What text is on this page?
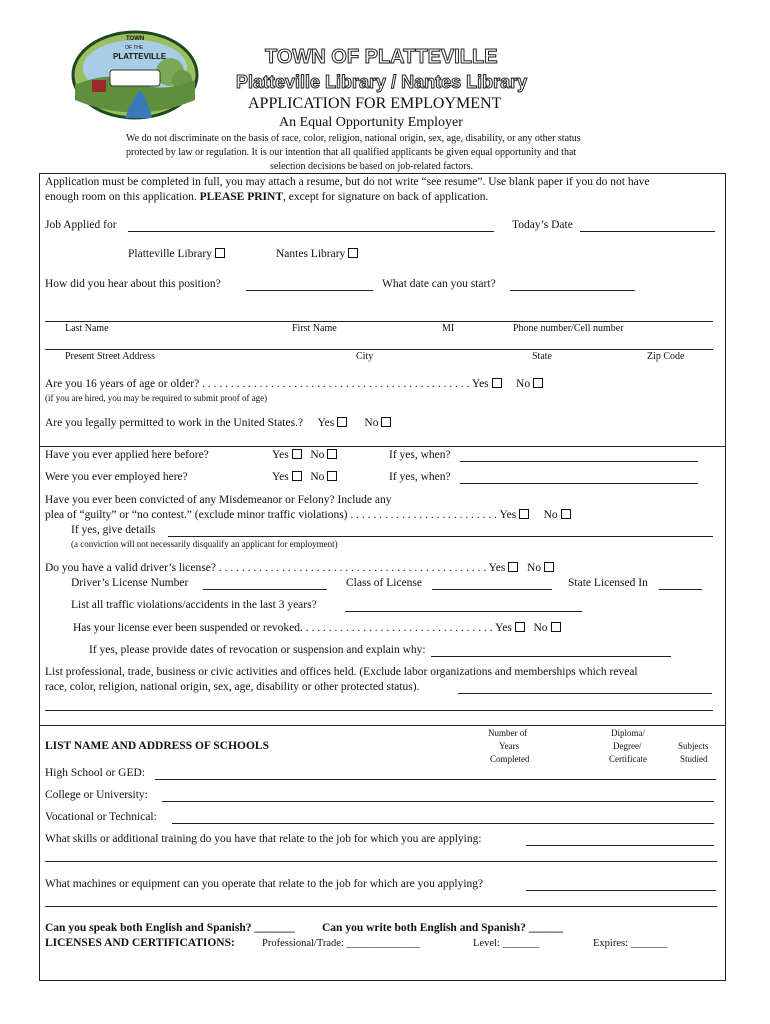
TOWN
OF THE
PLATTEVILLE	TOWN OF PLATTEVILLE
Platteville Library / Nantes Library
APPLICATION FOR EMPLOYMENT
An Equal Opportunity Employer
We do not discriminate on the basis of race, color, religion, national origin, sex, age, disability, or any other status
protected by law or regulation. It is our intention that all qualified applicants be given equal opportunity and that
selection decisions be based on job-related factors.
Application must be completed in full, you may attach a resume, but do not write “see resume”. Use blank paper if you do not have
enough room on this application. PLEASE PRINT, except for signature on back of application.
Job Applied for	Today’s Date
Platteville Library	Nantes Library
How did you hear about this position?	What date can you start?
Last Name	First Name	MI	Phone number/Cell number
Present Street Address	City	State	Zip Code
Are you 16 years of age or older? . . . . . . . . . . . . . . . . . . . . . . . . . . . . . . . . . . . . . . . . . . . . . . . Yes No
(if you are hired, you may be required to submit proof of age)
Are you legally permitted to work in the United States.? Yes	No
Have you ever applied here before?	Yes No	If yes, when?
Were you ever employed here?	Yes No	If yes, when?
Have you ever been convicted of any Misdemeanor or Felony? Include any
plea of “guilty” or “no contest.” (exclude minor traffic violations) . . . . . . . . . . . . . . . . . . . . . . . . . . Yes No
If yes, give details
(a conviction will not necessarily disqualify an applicant for employment)
Do you have a valid driver’s license? . . . . . . . . . . . . . . . . . . . . . . . . . . . . . . . . . . . . . . . . . . . . . . . Yes No
Driver’s License Number	Class of License	State Licensed In
List all traffic violations/accidents in the last 3 years?
Has your license ever been suspended or revoked. . . . . . . . . . . . . . . . . . . . . . . . . . . . . . . . . . Yes No
If yes, please provide dates of revocation or suspension and explain why:
List professional, trade, business or civic activities and offices held. (Exclude labor organizations and memberships which reveal
race, color, religion, national origin, sex, age, disability or other protected status).
LIST NAME AND ADDRESS OF SCHOOLS
Number of
Years
Completed
Diploma/
Degree/
Certificate
Subjects
Studied
High School or GED:
College or University:
Vocational or Technical:
What skills or additional training do you have that relate to the job for which you are applying:
What machines or equipment can you operate that relate to the job for which are you applying?
Can you speak both English and Spanish? _______ Can you write both English and Spanish? ______
LICENSES AND CERTIFICATIONS:	Professional/Trade: ______________	Level: _______	Expires: _______
